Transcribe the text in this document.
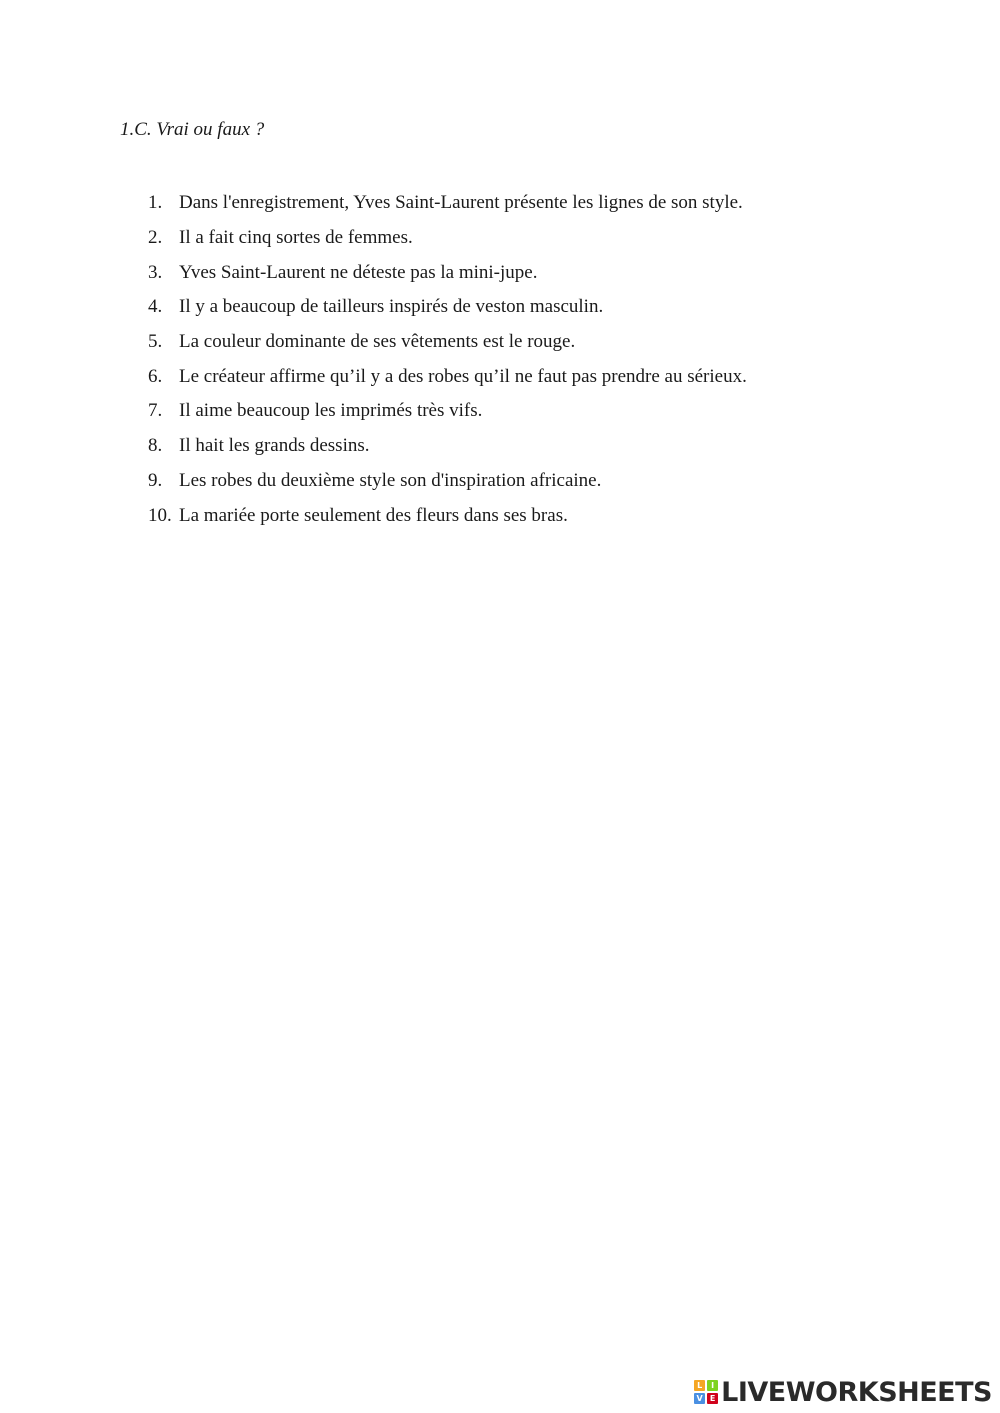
1.C. Vrai ou faux ?
1. Dans l'enregistrement, Yves Saint-Laurent présente les lignes de son style.
2. Il a fait cinq sortes de femmes.
3. Yves Saint-Laurent ne déteste pas la mini-jupe.
4. Il y a beaucoup de tailleurs inspirés de veston masculin.
5. La couleur dominante de ses vêtements est le rouge.
6. Le créateur affirme qu’il y a des robes qu’il ne faut pas prendre au sérieux.
7. Il aime beaucoup les imprimés très vifs.
8. Il hait les grands dessins.
9. Les robes du deuxième style son d'inspiration africaine.
10. La mariée porte seulement des fleurs dans ses bras.
L	I
V E LIVEWORKSHEETS
